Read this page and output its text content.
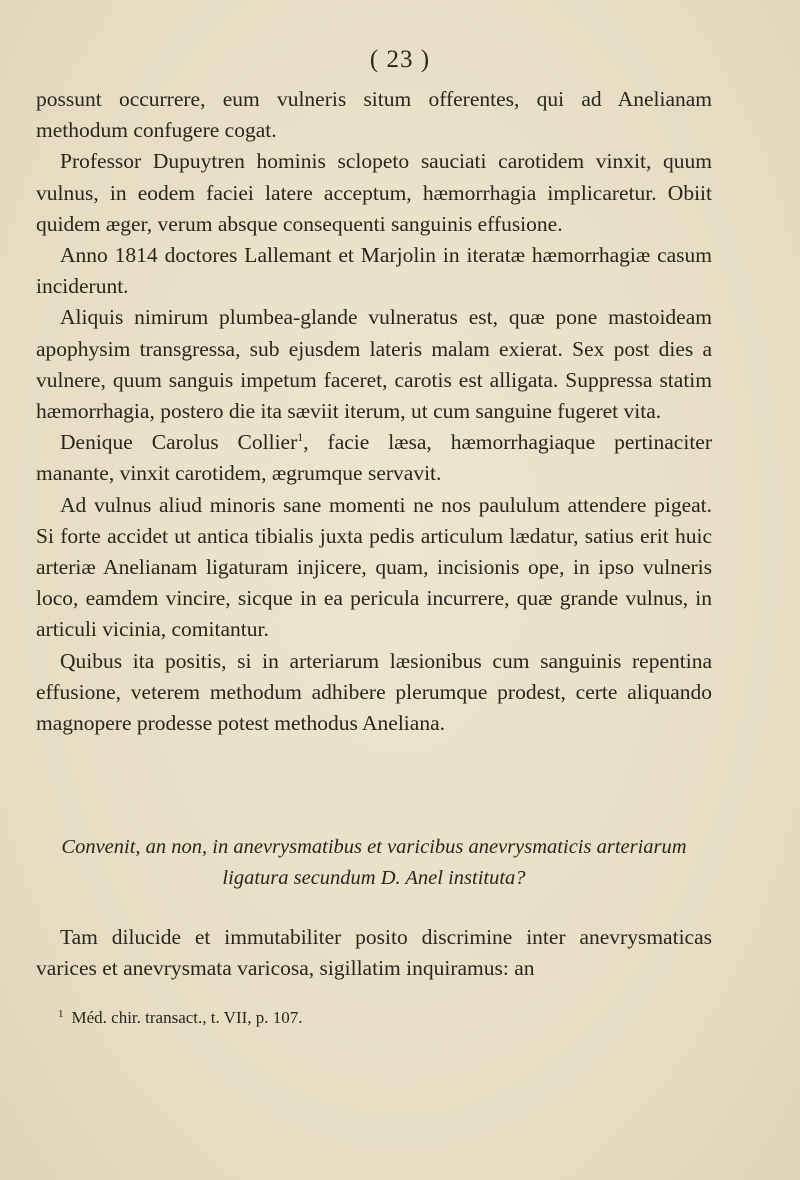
( 23 )

possunt occurrere, eum vulneris situm offerentes, qui ad Anelianam methodum confugere cogat.

Professor Dupuytren hominis sclopeto sauciati carotidem vinxit, quum vulnus, in eodem faciei latere acceptum, hæmorrhagia implicaretur. Obiit quidem æger, verum absque consequenti sanguinis effusione.

Anno 1814 doctores Lallemant et Marjolin in iteratæ hæmorrhagiæ casum inciderunt.

Aliquis nimirum plumbea-glande vulneratus est, quæ pone mastoideam apophysim transgressa, sub ejusdem lateris malam exierat. Sex post dies a vulnere, quum sanguis impetum faceret, carotis est alligata. Suppressa statim hæmorrhagia, postero die ita sæviit iterum, ut cum sanguine fugeret vita.

Denique Carolus Collier$^1$, facie læsa, hæmorrhagiaque pertinaciter manante, vinxit carotidem, ægrumque servavit.

Ad vulnus aliud minoris sane momenti ne nos paululum attendere pigeat. Si forte accidet ut antica tibialis juxta pedis articulum lædatur, satius erit huic arteriæ Anelianam ligaturam injicere, quam, incisionis ope, in ipso vulneris loco, eamdem vincire, sicque in ea pericula incurrere, quæ grande vulnus, in articuli vicinia, comitantur.

Quibus ita positis, si in arteriarum læsionibus cum sanguinis repentina effusione, veterem methodum adhibere plerumque prodest, certe aliquando magnopere prodesse potest methodus Aneliana.

Convenit, an non, in anevrysmatibus et varicibus anevrysmaticis arteriarum
ligatura secundum D. Anel instituta?

Tam dilucide et immutabiliter posito discrimine inter anevrysmaticas varices et anevrysmata varicosa, sigillatim inquiramus: an

$^1$ Méd. chir. transact., t. VII, p. 107.
